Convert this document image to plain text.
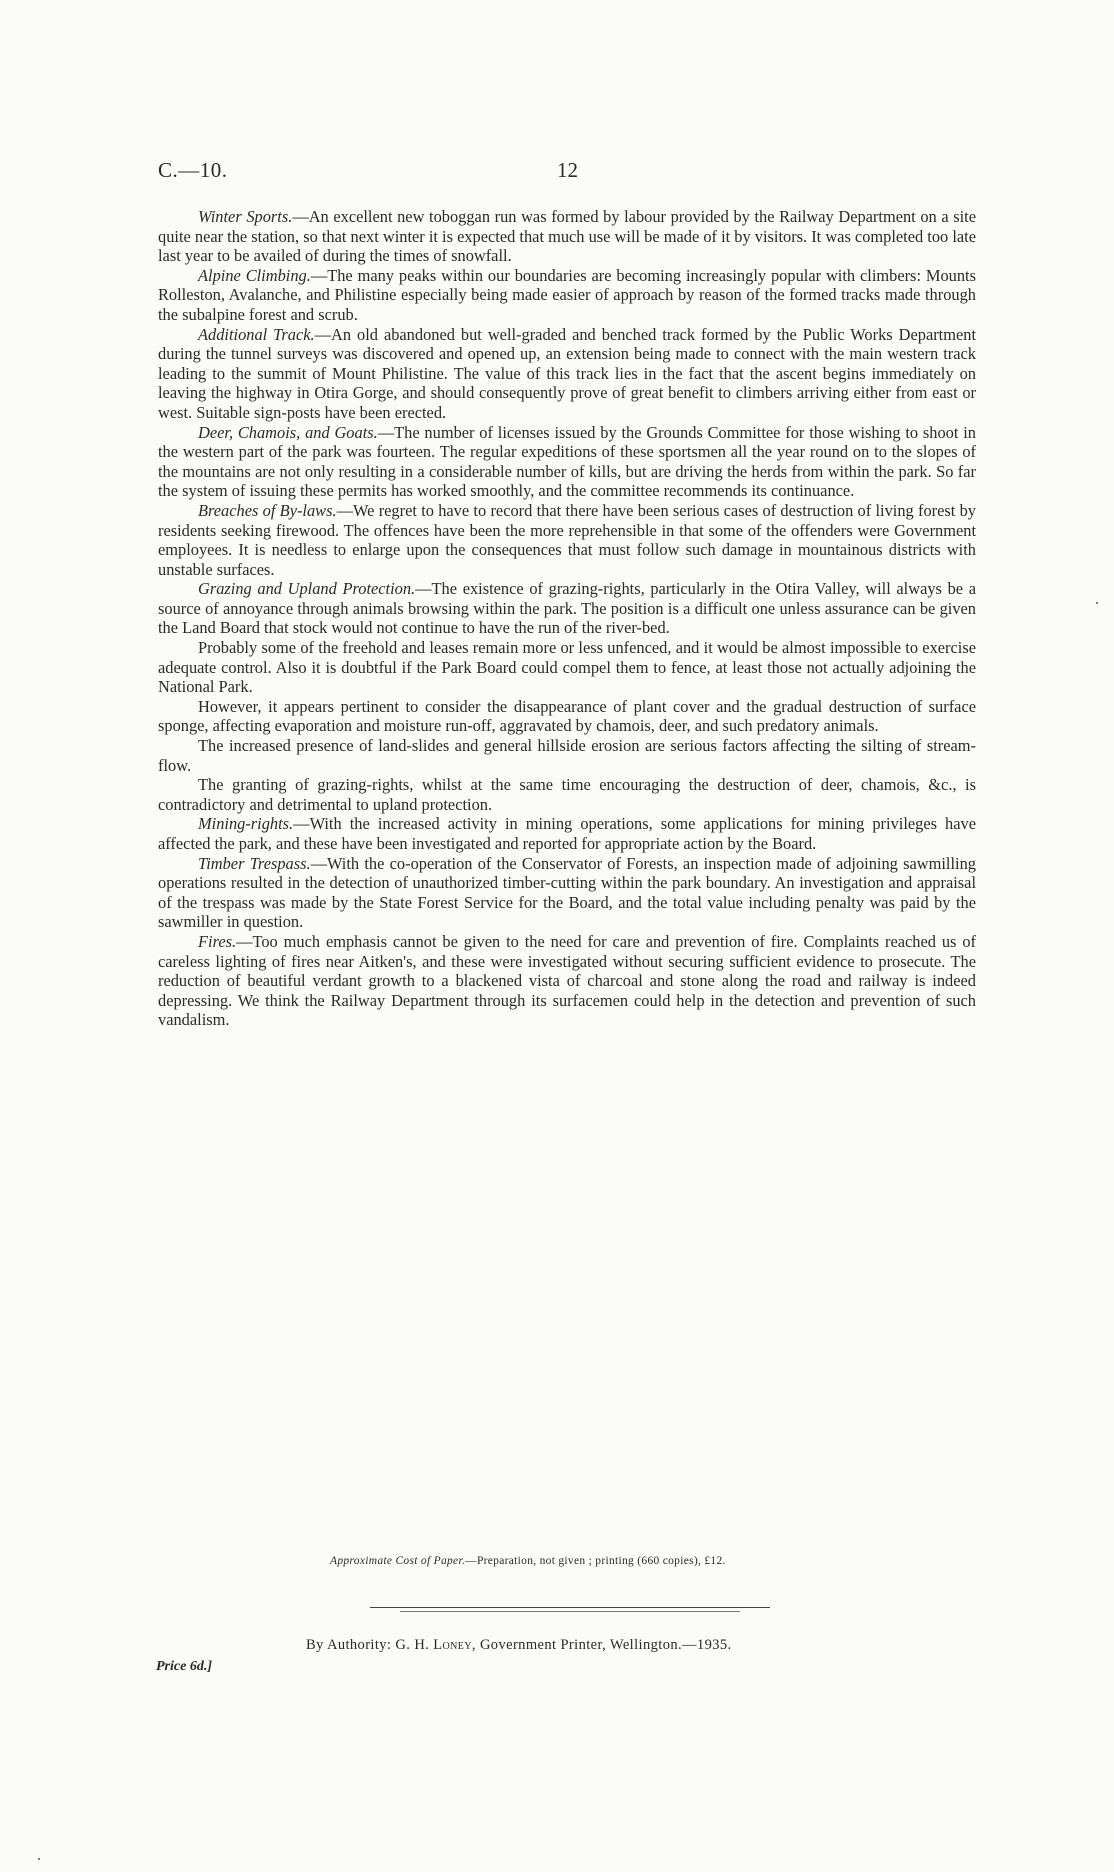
C.—10.	12

Winter Sports.—An excellent new toboggan run was formed by labour provided by the Railway Department on a site quite near the station, so that next winter it is expected that much use will be made of it by visitors. It was completed too late last year to be availed of during the times of snowfall.

Alpine Climbing.—The many peaks within our boundaries are becoming increasingly popular with climbers: Mounts Rolleston, Avalanche, and Philistine especially being made easier of approach by reason of the formed tracks made through the subalpine forest and scrub.

Additional Track.—An old abandoned but well-graded and benched track formed by the Public Works Department during the tunnel surveys was discovered and opened up, an extension being made to connect with the main western track leading to the summit of Mount Philistine. The value of this track lies in the fact that the ascent begins immediately on leaving the highway in Otira Gorge, and should consequently prove of great benefit to climbers arriving either from east or west. Suitable sign-posts have been erected.

Deer, Chamois, and Goats.—The number of licenses issued by the Grounds Committee for those wishing to shoot in the western part of the park was fourteen. The regular expeditions of these sportsmen all the year round on to the slopes of the mountains are not only resulting in a considerable number of kills, but are driving the herds from within the park. So far the system of issuing these permits has worked smoothly, and the committee recommends its continuance.

Breaches of By-laws.—We regret to have to record that there have been serious cases of destruction of living forest by residents seeking firewood. The offences have been the more reprehensible in that some of the offenders were Government employees. It is needless to enlarge upon the consequences that must follow such damage in mountainous districts with unstable surfaces.

Grazing and Upland Protection.—The existence of grazing-rights, particularly in the Otira Valley, will always be a source of annoyance through animals browsing within the park. The position is a difficult one unless assurance can be given the Land Board that stock would not continue to have the run of the river-bed.

Probably some of the freehold and leases remain more or less unfenced, and it would be almost impossible to exercise adequate control. Also it is doubtful if the Park Board could compel them to fence, at least those not actually adjoining the National Park.

However, it appears pertinent to consider the disappearance of plant cover and the gradual destruction of surface sponge, affecting evaporation and moisture run-off, aggravated by chamois, deer, and such predatory animals.

The increased presence of land-slides and general hillside erosion are serious factors affecting the silting of stream-flow.

The granting of grazing-rights, whilst at the same time encouraging the destruction of deer, chamois, &c., is contradictory and detrimental to upland protection.

Mining-rights.—With the increased activity in mining operations, some applications for mining privileges have affected the park, and these have been investigated and reported for appropriate action by the Board.

Timber Trespass.—With the co-operation of the Conservator of Forests, an inspection made of adjoining sawmilling operations resulted in the detection of unauthorized timber-cutting within the park boundary. An investigation and appraisal of the trespass was made by the State Forest Service for the Board, and the total value including penalty was paid by the sawmiller in question.

Fires.—Too much emphasis cannot be given to the need for care and prevention of fire. Complaints reached us of careless lighting of fires near Aitken's, and these were investigated without securing sufficient evidence to prosecute. The reduction of beautiful verdant growth to a blackened vista of charcoal and stone along the road and railway is indeed depressing. We think the Railway Department through its surfacemen could help in the detection and prevention of such vandalism.

Approximate Cost of Paper.—Preparation, not given ; printing (660 copies), £12.
By Authority: G. H. Loney, Government Printer, Wellington.—1935.
Price 6d.]
